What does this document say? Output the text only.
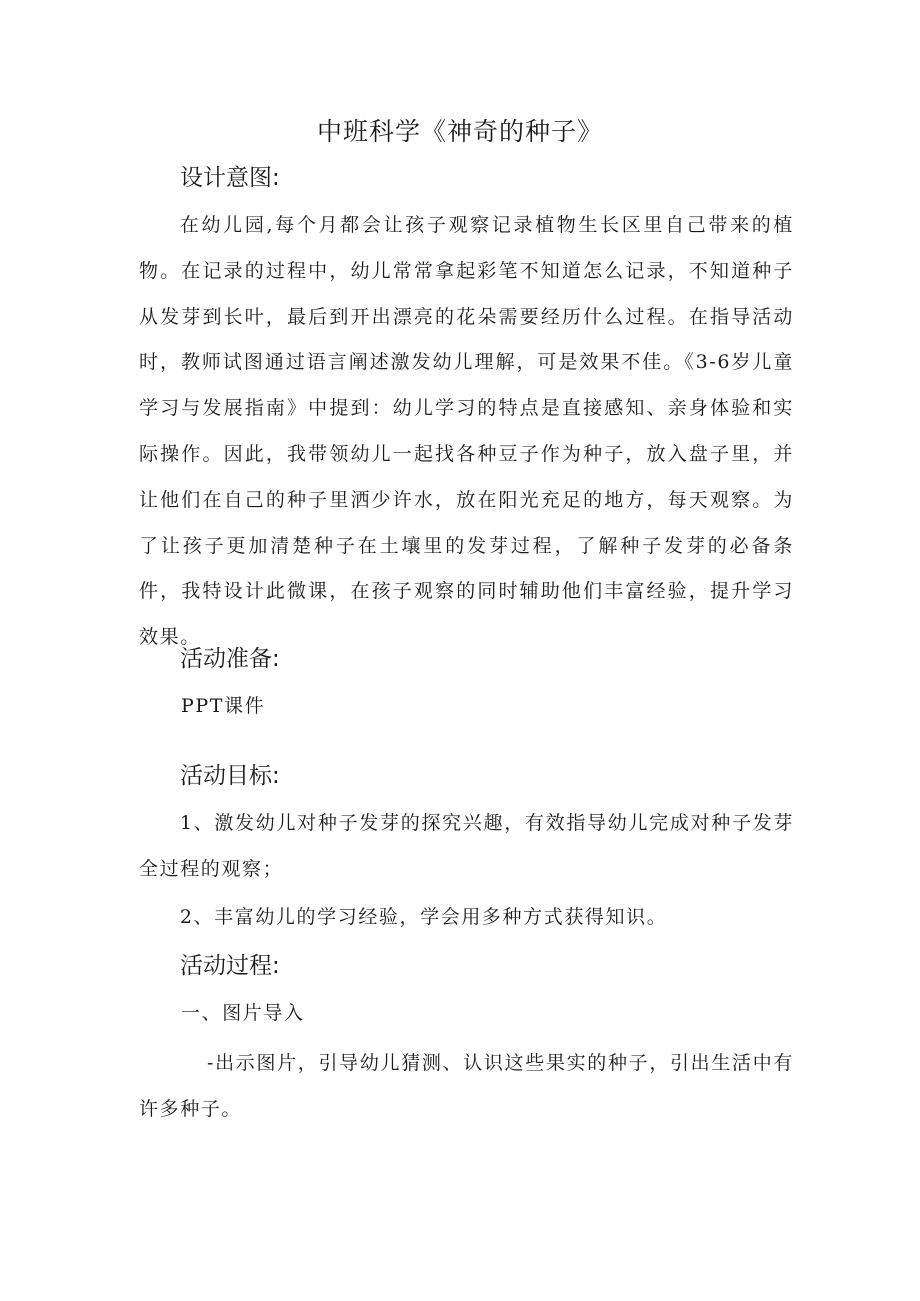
中班科学《神奇的种子》
设计意图:
在幼儿园,每个月都会让孩子观察记录植物生长区里自己带来的植物。在记录的过程中，幼儿常常拿起彩笔不知道怎么记录，不知道种子从发芽到长叶，最后到开出漂亮的花朵需要经历什么过程。在指导活动时，教师试图通过语言阐述激发幼儿理解，可是效果不佳。《3-6岁儿童学习与发展指南》中提到：幼儿学习的特点是直接感知、亲身体验和实际操作。因此，我带领幼儿一起找各种豆子作为种子，放入盘子里，并让他们在自己的种子里洒少许水，放在阳光充足的地方，每天观察。为了让孩子更加清楚种子在土壤里的发芽过程，了解种子发芽的必备条件，我特设计此微课，在孩子观察的同时辅助他们丰富经验，提升学习效果。
活动准备:
PPT课件
活动目标:
1、激发幼儿对种子发芽的探究兴趣，有效指导幼儿完成对种子发芽全过程的观察；
2、丰富幼儿的学习经验，学会用多种方式获得知识。
活动过程:
一、图片导入
-出示图片，引导幼儿猜测、认识这些果实的种子，引出生活中有许多种子。
